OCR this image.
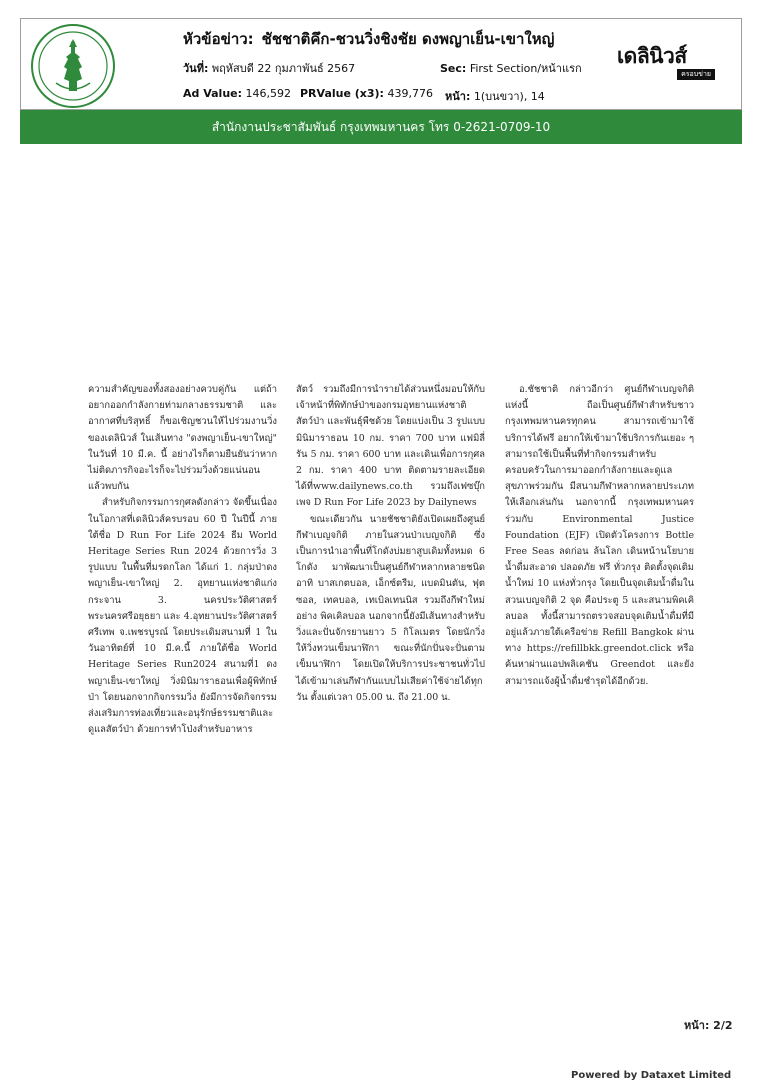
หัวข้อข่าว: ชัชชาติคึก-ชวนวิ่งชิงชัย ดงพญาเย็น-เขาใหญ่
วันที่: พฤหัสบดี 22 กุมภาพันธ์ 2567	Sec: First Section/หน้าแรก
Ad Value: 146,592 PRValue (x3): 439,776 หน้า: 1(บนขวา), 14
เดลินิวส์
ครอบข่าย
สำนักงานประชาสัมพันธ์ กรุงเทพมหานคร โทร 0-2621-0709-10

ความสำคัญของทั้งสองอย่างควบคู่กัน แต่ถ้าอยากออกกำลังกายท่ามกลางธรรมชาติ และอากาศที่บริสุทธิ์ ก็ขอเชิญชวนให้ไปร่วมงานวิ่งของเดลินิวส์ ในเส้นทาง "ดงพญาเย็น-เขาใหญ่" ในวันที่ 10 มี.ค. นี้ อย่างไรก็ตามยืนยันว่าหากไม่ติดภารกิจอะไรก็จะไปร่วมวิ่งด้วยแน่นอน แล้วพบกัน

สำหรับกิจกรรมการกุศลดังกล่าว จัดขึ้นเนื่องในโอกาสที่เดลินิวส์ครบรอบ 60 ปี ในปีนี้ ภายใต้ชื่อ D Run For Life 2024 ธีม World Heritage Series Run 2024 ด้วยการวิ่ง 3 รูปแบบ ในพื้นที่มรดกโลก ได้แก่ 1. กลุ่มป่าดงพญาเย็น-เขาใหญ่ 2. อุทยานแห่งชาติแก่งกระจาน 3. นครประวัติศาสตร์พระนครศรีอยุธยา และ 4.อุทยานประวัติศาสตร์ศรีเทพ จ.เพชรบูรณ์ โดยประเดิมสนามที่ 1 ในวันอาทิตย์ที่ 10 มี.ค.นี้ ภายใต้ชื่อ World Heritage Series Run2024 สนามที่1 ดงพญาเย็น-เขาใหญ่ วิ่งมินิมาราธอนเพื่อผู้พิทักษ์ป่า โดยนอกจากกิจกรรมวิ่ง ยังมีการจัดกิจกรรมส่งเสริมการท่องเที่ยวและอนุรักษ์ธรรมชาติและดูแลสัตว์ป่า ด้วยการทำโป่งสำหรับอาหาร

สัตว์ รวมถึงมีการนำรายได้ส่วนหนึ่งมอบให้กับเจ้าหน้าที่พิทักษ์ป่าของกรมอุทยานแห่งชาติ สัตว์ป่า และพันธุ์พืชด้วย โดยแบ่งเป็น 3 รูปแบบ มินิมาราธอน 10 กม. ราคา 700 บาท แฟมิลี่ รัน 5 กม. ราคา 600 บาท และเดินเพื่อการกุศล 2 กม. ราคา 400 บาท ติดตามรายละเอียดได้ที่www.dailynews.co.th รวมถึงเฟซบุ๊กเพจ D Run For Life 2023 by Dailynews

ขณะเดียวกัน นายชัชชาติยังเปิดเผยถึงศูนย์กีฬาเบญจกิติ ภายในสวนป่าเบญจกิติ ซึ่งเป็นการนำเอาพื้นที่โกดังบ่มยาสูบเดิมทั้งหมด 6 โกดัง มาพัฒนาเป็นศูนย์กีฬาหลากหลายชนิด อาทิ บาสเกตบอล, เอ็กซ์ตรีม, แบดมินตัน, ฟุตซอล, เทคบอล, เทเบิลเทนนิส รวมถึงกีฬาใหม่อย่าง พิคเคิลบอล นอกจากนี้ยังมีเส้นทางสำหรับวิ่งและปั่นจักรยานยาว 5 กิโลเมตร โดยนักวิ่งให้วิ่งทวนเข็มนาฬิกา ขณะที่นักปั่นจะปั่นตามเข็มนาฬิกา โดยเปิดให้บริการประชาชนทั่วไปได้เข้ามาเล่นกีฬากันแบบไม่เสียค่าใช้จ่ายได้ทุกวัน ตั้งแต่เวลา 05.00 น. ถึง 21.00 น.

อ.ชัชชาติ กล่าวอีกว่า ศูนย์กีฬาเบญจกิติแห่งนี้ ถือเป็นศูนย์กีฬาสำหรับชาวกรุงเทพมหานครทุกคน สามารถเข้ามาใช้บริการได้ฟรี อยากให้เข้ามาใช้บริการกันเยอะ ๆ สามารถใช้เป็นพื้นที่ทำกิจกรรมสำหรับครอบครัวในการมาออกกำลังกายและดูแลสุขภาพร่วมกัน มีสนามกีฬาหลากหลายประเภทให้เลือกเล่นกัน นอกจากนี้ กรุงเทพมหานคร ร่วมกับ Environmental Justice Foundation (EJF) เปิดตัวโครงการ Bottle Free Seas ลดก่อน ล้นโลก เดินหน้านโยบายน้ำดื่มสะอาด ปลอดภัย ฟรี ทั่วกรุง ติดตั้งจุดเติมน้ำใหม่ 10 แห่งทั่วกรุง โดยเป็นจุดเติมน้ำดื่มในสวนเบญจกิติ 2 จุด คือประตู 5 และสนามพิคเคิลบอล ทั้งนี้สามารถตรวจสอบจุดเติมน้ำดื่มที่มีอยู่แล้วภายใต้เครือข่าย Refill Bangkok ผ่านทาง https://refillbkk.greendot.click หรือค้นหาผ่านแอปพลิเคชัน Greendot และยังสามารถแจ้งผู้น้ำดื่มชำรุดได้อีกด้วย.

หน้า: 2/2
Powered by Dataxet Limited
